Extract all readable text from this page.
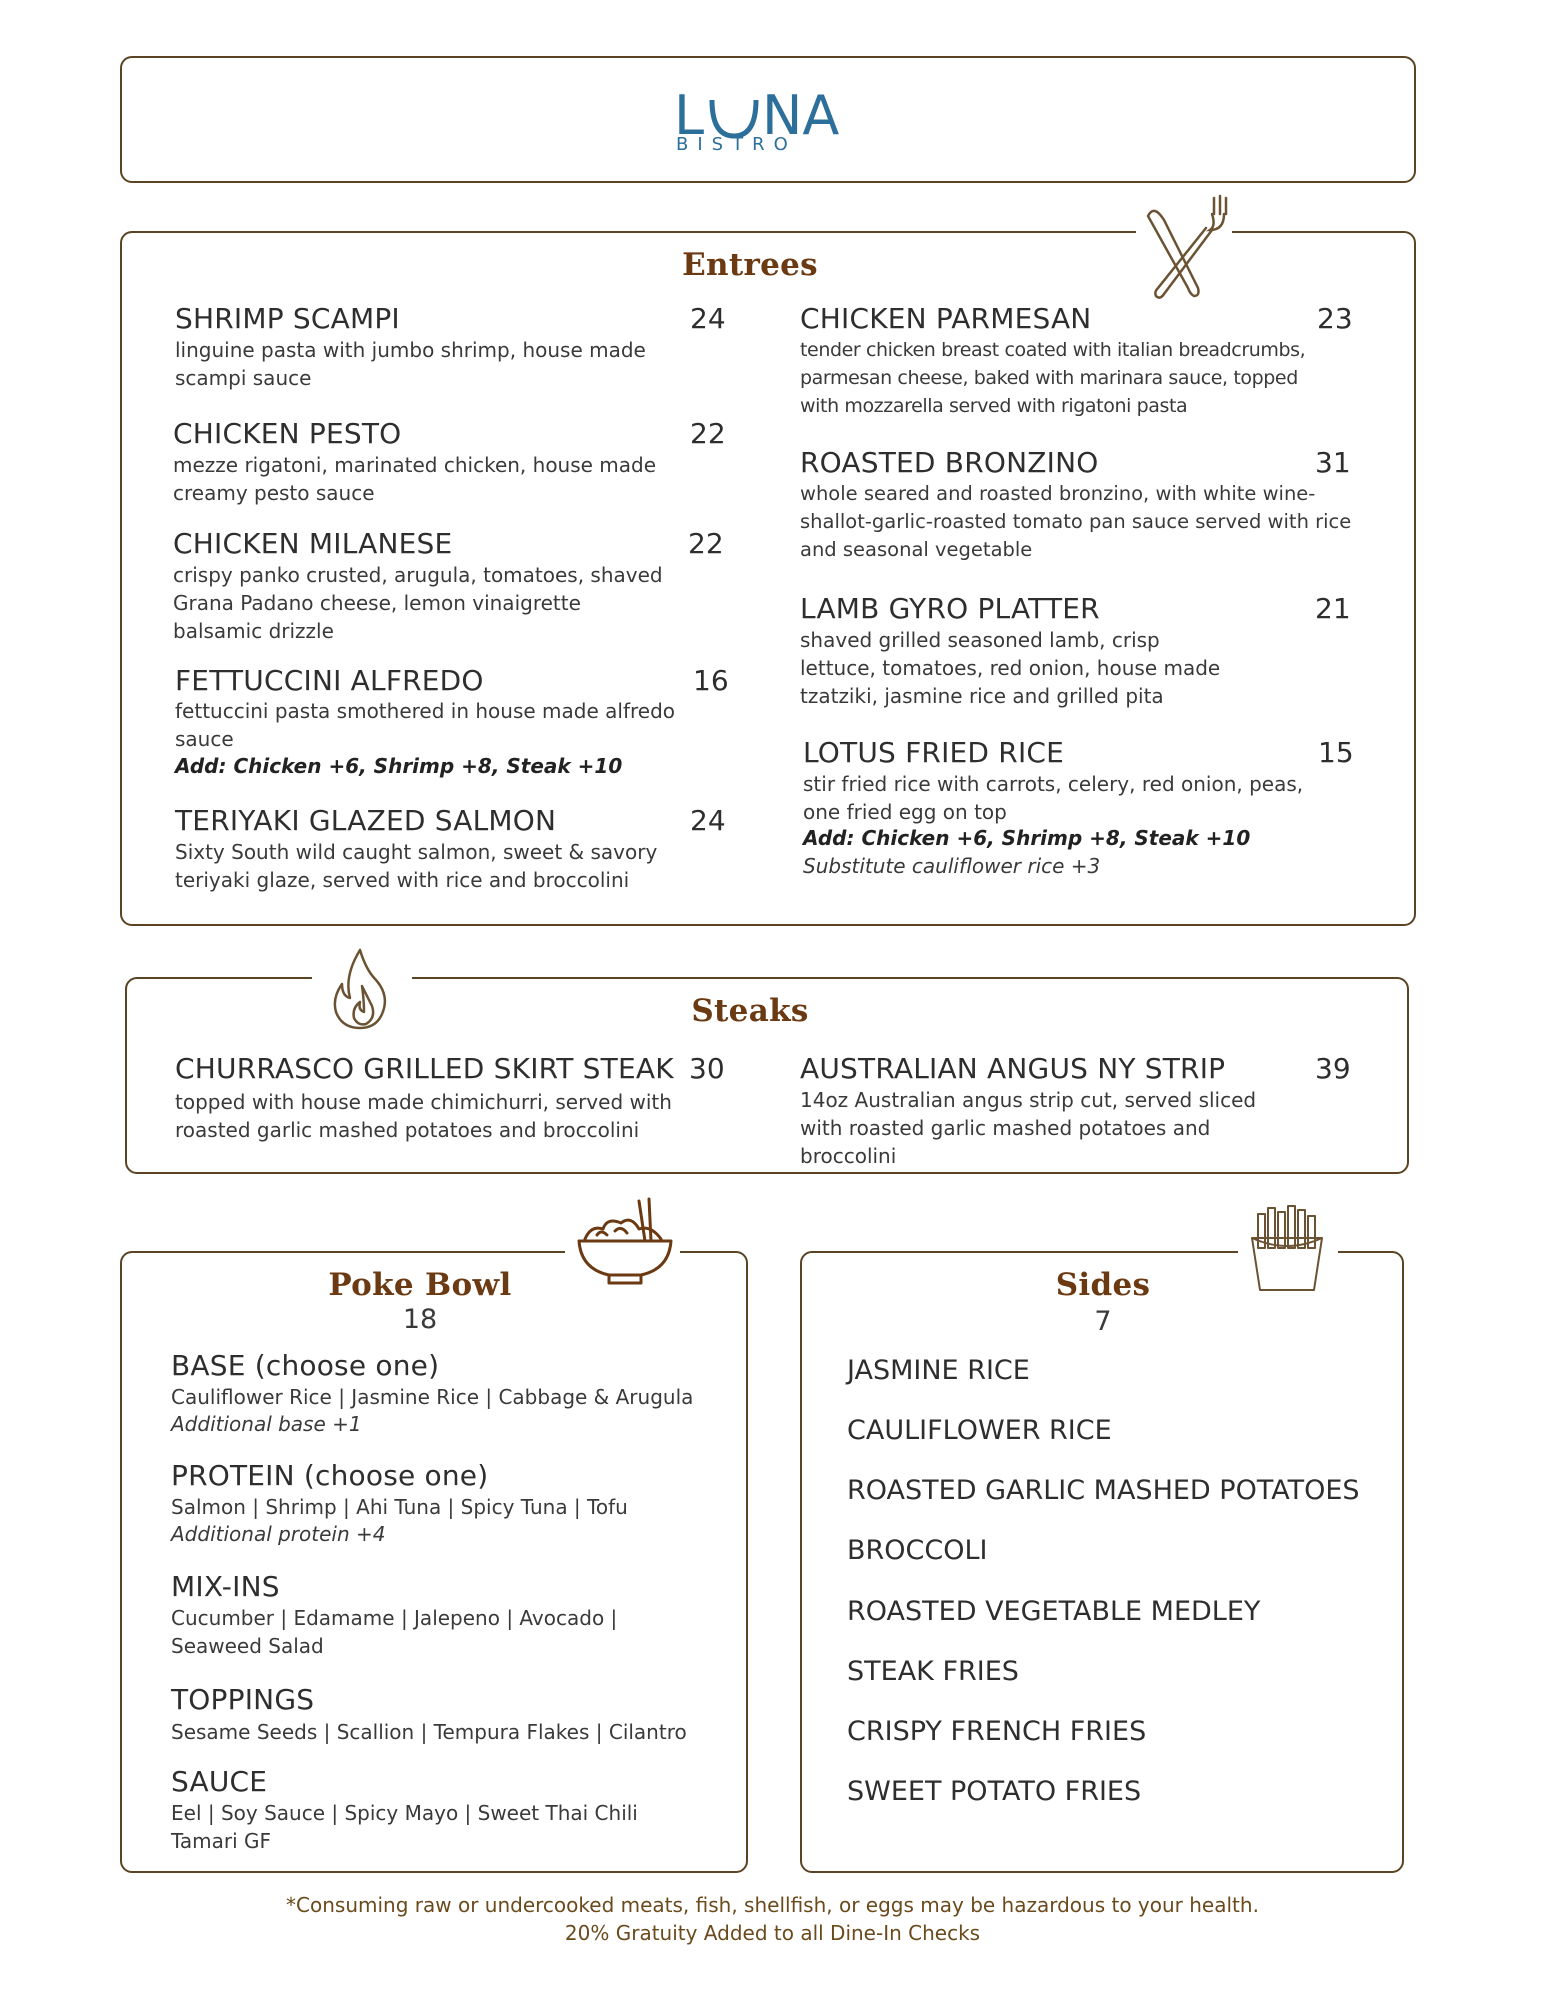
L NA
BISTRO
Entrees
SHRIMP SCAMPI	24
linguine pasta with jumbo shrimp, house made scampi sauce
CHICKEN PESTO	22
mezze rigatoni, marinated chicken, house made creamy pesto sauce
CHICKEN MILANESE	22
crispy panko crusted, arugula, tomatoes, shaved Grana Padano cheese, lemon vinaigrette balsamic drizzle
FETTUCCINI ALFREDO	16
fettuccini pasta smothered in house made alfredo sauce
Add: Chicken +6, Shrimp +8, Steak +10
TERIYAKI GLAZED SALMON	24
Sixty South wild caught salmon, sweet & savory teriyaki glaze, served with rice and broccolini
CHICKEN PARMESAN	23
tender chicken breast coated with italian breadcrumbs, parmesan cheese, baked with marinara sauce, topped with mozzarella served with rigatoni pasta
ROASTED BRONZINO	31
whole seared and roasted bronzino, with white wine-shallot-garlic-roasted tomato pan sauce served with rice and seasonal vegetable
LAMB GYRO PLATTER	21
shaved grilled seasoned lamb, crisp lettuce, tomatoes, red onion, house made tzatziki, jasmine rice and grilled pita
LOTUS FRIED RICE	15
stir fried rice with carrots, celery, red onion, peas, one fried egg on top
Add: Chicken +6, Shrimp +8, Steak +10
Substitute cauliflower rice +3
Steaks
CHURRASCO GRILLED SKIRT STEAK 30
topped with house made chimichurri, served with roasted garlic mashed potatoes and broccolini
AUSTRALIAN ANGUS NY STRIP	39
14oz Australian angus strip cut, served sliced with roasted garlic mashed potatoes and broccolini
Poke Bowl
18
BASE (choose one)
Cauliflower Rice | Jasmine Rice | Cabbage & Arugula
Additional base +1
PROTEIN (choose one)
Salmon | Shrimp | Ahi Tuna | Spicy Tuna | Tofu
Additional protein +4
MIX-INS
Cucumber | Edamame | Jalepeno | Avocado | Seaweed Salad
TOPPINGS
Sesame Seeds | Scallion | Tempura Flakes | Cilantro
SAUCE
Eel | Soy Sauce | Spicy Mayo | Sweet Thai Chili Tamari GF
Sides
7
JASMINE RICE
CAULIFLOWER RICE
ROASTED GARLIC MASHED POTATOES
BROCCOLI
ROASTED VEGETABLE MEDLEY
STEAK FRIES
CRISPY FRENCH FRIES
SWEET POTATO FRIES
*Consuming raw or undercooked meats, fish, shellfish, or eggs may be hazardous to your health.
20% Gratuity Added to all Dine-In Checks
